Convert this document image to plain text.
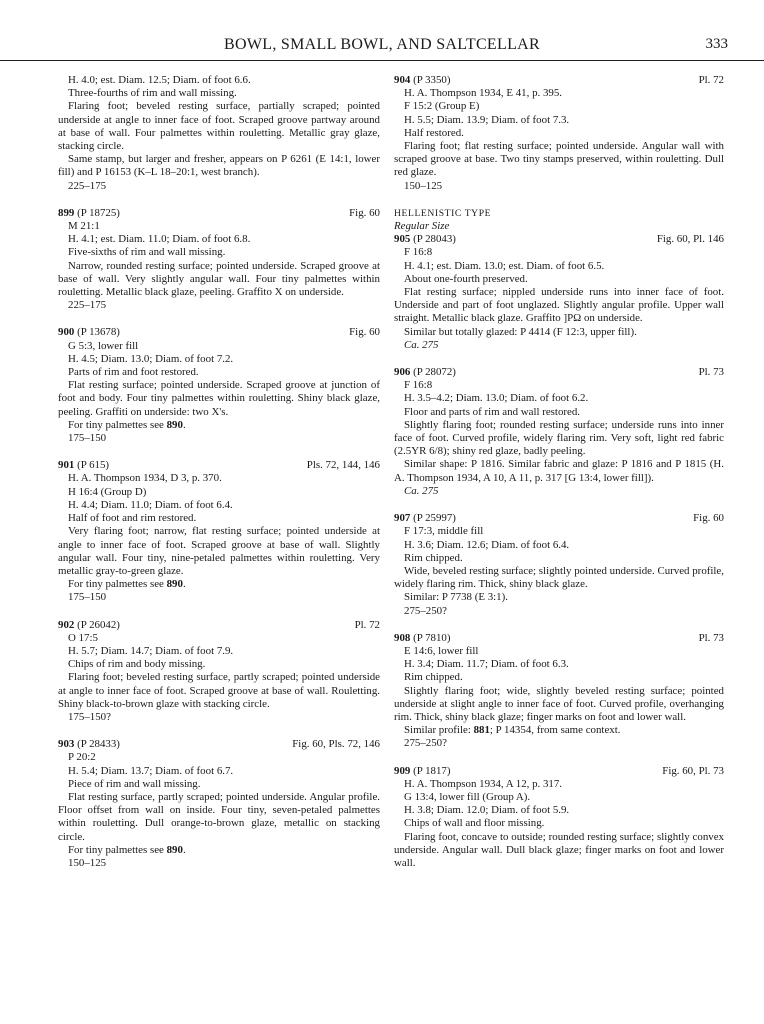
BOWL, SMALL BOWL, AND SALTCELLAR	333

H. 4.0; est. Diam. 12.5; Diam. of foot 6.6.

Three-fourths of rim and wall missing.

Flaring foot; beveled resting surface, partially scraped; pointed underside at angle to inner face of foot. Scraped groove partway around at base of wall. Four palmettes within rouletting. Metallic gray glaze, stacking circle.

Same stamp, but larger and fresher, appears on P 6261 (E 14:1, lower fill) and P 16153 (K–L 18–20:1, west branch).

225–175

899 (P 18725)	Fig. 60

M 21:1

H. 4.1; est. Diam. 11.0; Diam. of foot 6.8.

Five-sixths of rim and wall missing.

Narrow, rounded resting surface; pointed underside. Scraped groove at base of wall. Very slightly angular wall. Four tiny palmettes within rouletting. Metallic black glaze, peeling. Graffito X on underside.

225–175

900 (P 13678)	Fig. 60

G 5:3, lower fill

H. 4.5; Diam. 13.0; Diam. of foot 7.2.

Parts of rim and foot restored.

Flat resting surface; pointed underside. Scraped groove at junction of foot and body. Four tiny palmettes within rouletting. Shiny black glaze, peeling. Graffiti on underside: two X's.

For tiny palmettes see 890.

175–150

901 (P 615)	Pls. 72, 144, 146

H. A. Thompson 1934, D 3, p. 370.

H 16:4 (Group D)

H. 4.4; Diam. 11.0; Diam. of foot 6.4.

Half of foot and rim restored.

Very flaring foot; narrow, flat resting surface; pointed underside at angle to inner face of foot. Scraped groove at base of wall. Slightly angular wall. Four tiny, nine-petaled palmettes within rouletting. Very metallic gray-to-green glaze.

For tiny palmettes see 890.

175–150

902 (P 26042)	Pl. 72

O 17:5

H. 5.7; Diam. 14.7; Diam. of foot 7.9.

Chips of rim and body missing.

Flaring foot; beveled resting surface, partly scraped; pointed underside at angle to inner face of foot. Scraped groove at base of wall. Rouletting. Shiny black-to-brown glaze with stacking circle.

175–150?

903 (P 28433)	Fig. 60, Pls. 72, 146

P 20:2

H. 5.4; Diam. 13.7; Diam. of foot 6.7.

Piece of rim and wall missing.

Flat resting surface, partly scraped; pointed underside. Angular profile. Floor offset from wall on inside. Four tiny, seven-petaled palmettes within rouletting. Dull orange-to-brown glaze, metallic on stacking circle.

For tiny palmettes see 890.

150–125

904 (P 3350)	Pl. 72

H. A. Thompson 1934, E 41, p. 395.

F 15:2 (Group E)

H. 5.5; Diam. 13.9; Diam. of foot 7.3.

Half restored.

Flaring foot; flat resting surface; pointed underside. Angular wall with scraped groove at base. Two tiny stamps preserved, within rouletting. Dull red glaze.

150–125

HELLENISTIC TYPE

Regular Size

905 (P 28043)	Fig. 60, Pl. 146

F 16:8

H. 4.1; est. Diam. 13.0; est. Diam. of foot 6.5.

About one-fourth preserved.

Flat resting surface; nippled underside runs into inner face of foot. Underside and part of foot unglazed. Slightly angular profile. Upper wall straight. Metallic black glaze. Graffito ]ΡΩ on underside.

Similar but totally glazed: P 4414 (F 12:3, upper fill).

Ca. 275

906 (P 28072)	Pl. 73

F 16:8

H. 3.5–4.2; Diam. 13.0; Diam. of foot 6.2.

Floor and parts of rim and wall restored.

Slightly flaring foot; rounded resting surface; underside runs into inner face of foot. Curved profile, widely flaring rim. Very soft, light red fabric (2.5YR 6/8); shiny red glaze, badly peeling.

Similar shape: P 1816. Similar fabric and glaze: P 1816 and P 1815 (H. A. Thompson 1934, A 10, A 11, p. 317 [G 13:4, lower fill]).

Ca. 275

907 (P 25997)	Fig. 60

F 17:3, middle fill

H. 3.6; Diam. 12.6; Diam. of foot 6.4.

Rim chipped.

Wide, beveled resting surface; slightly pointed underside. Curved profile, widely flaring rim. Thick, shiny black glaze.

Similar: P 7738 (E 3:1).

275–250?

908 (P 7810)	Pl. 73

E 14:6, lower fill

H. 3.4; Diam. 11.7; Diam. of foot 6.3.

Rim chipped.

Slightly flaring foot; wide, slightly beveled resting surface; pointed underside at slight angle to inner face of foot. Curved profile, overhanging rim. Thick, shiny black glaze; finger marks on foot and lower wall.

Similar profile: 881; P 14354, from same context.

275–250?

909 (P 1817)	Fig. 60, Pl. 73

H. A. Thompson 1934, A 12, p. 317.

G 13:4, lower fill (Group A).

H. 3.8; Diam. 12.0; Diam. of foot 5.9.

Chips of wall and floor missing.

Flaring foot, concave to outside; rounded resting surface; slightly convex underside. Angular wall. Dull black glaze; finger marks on foot and lower wall.
